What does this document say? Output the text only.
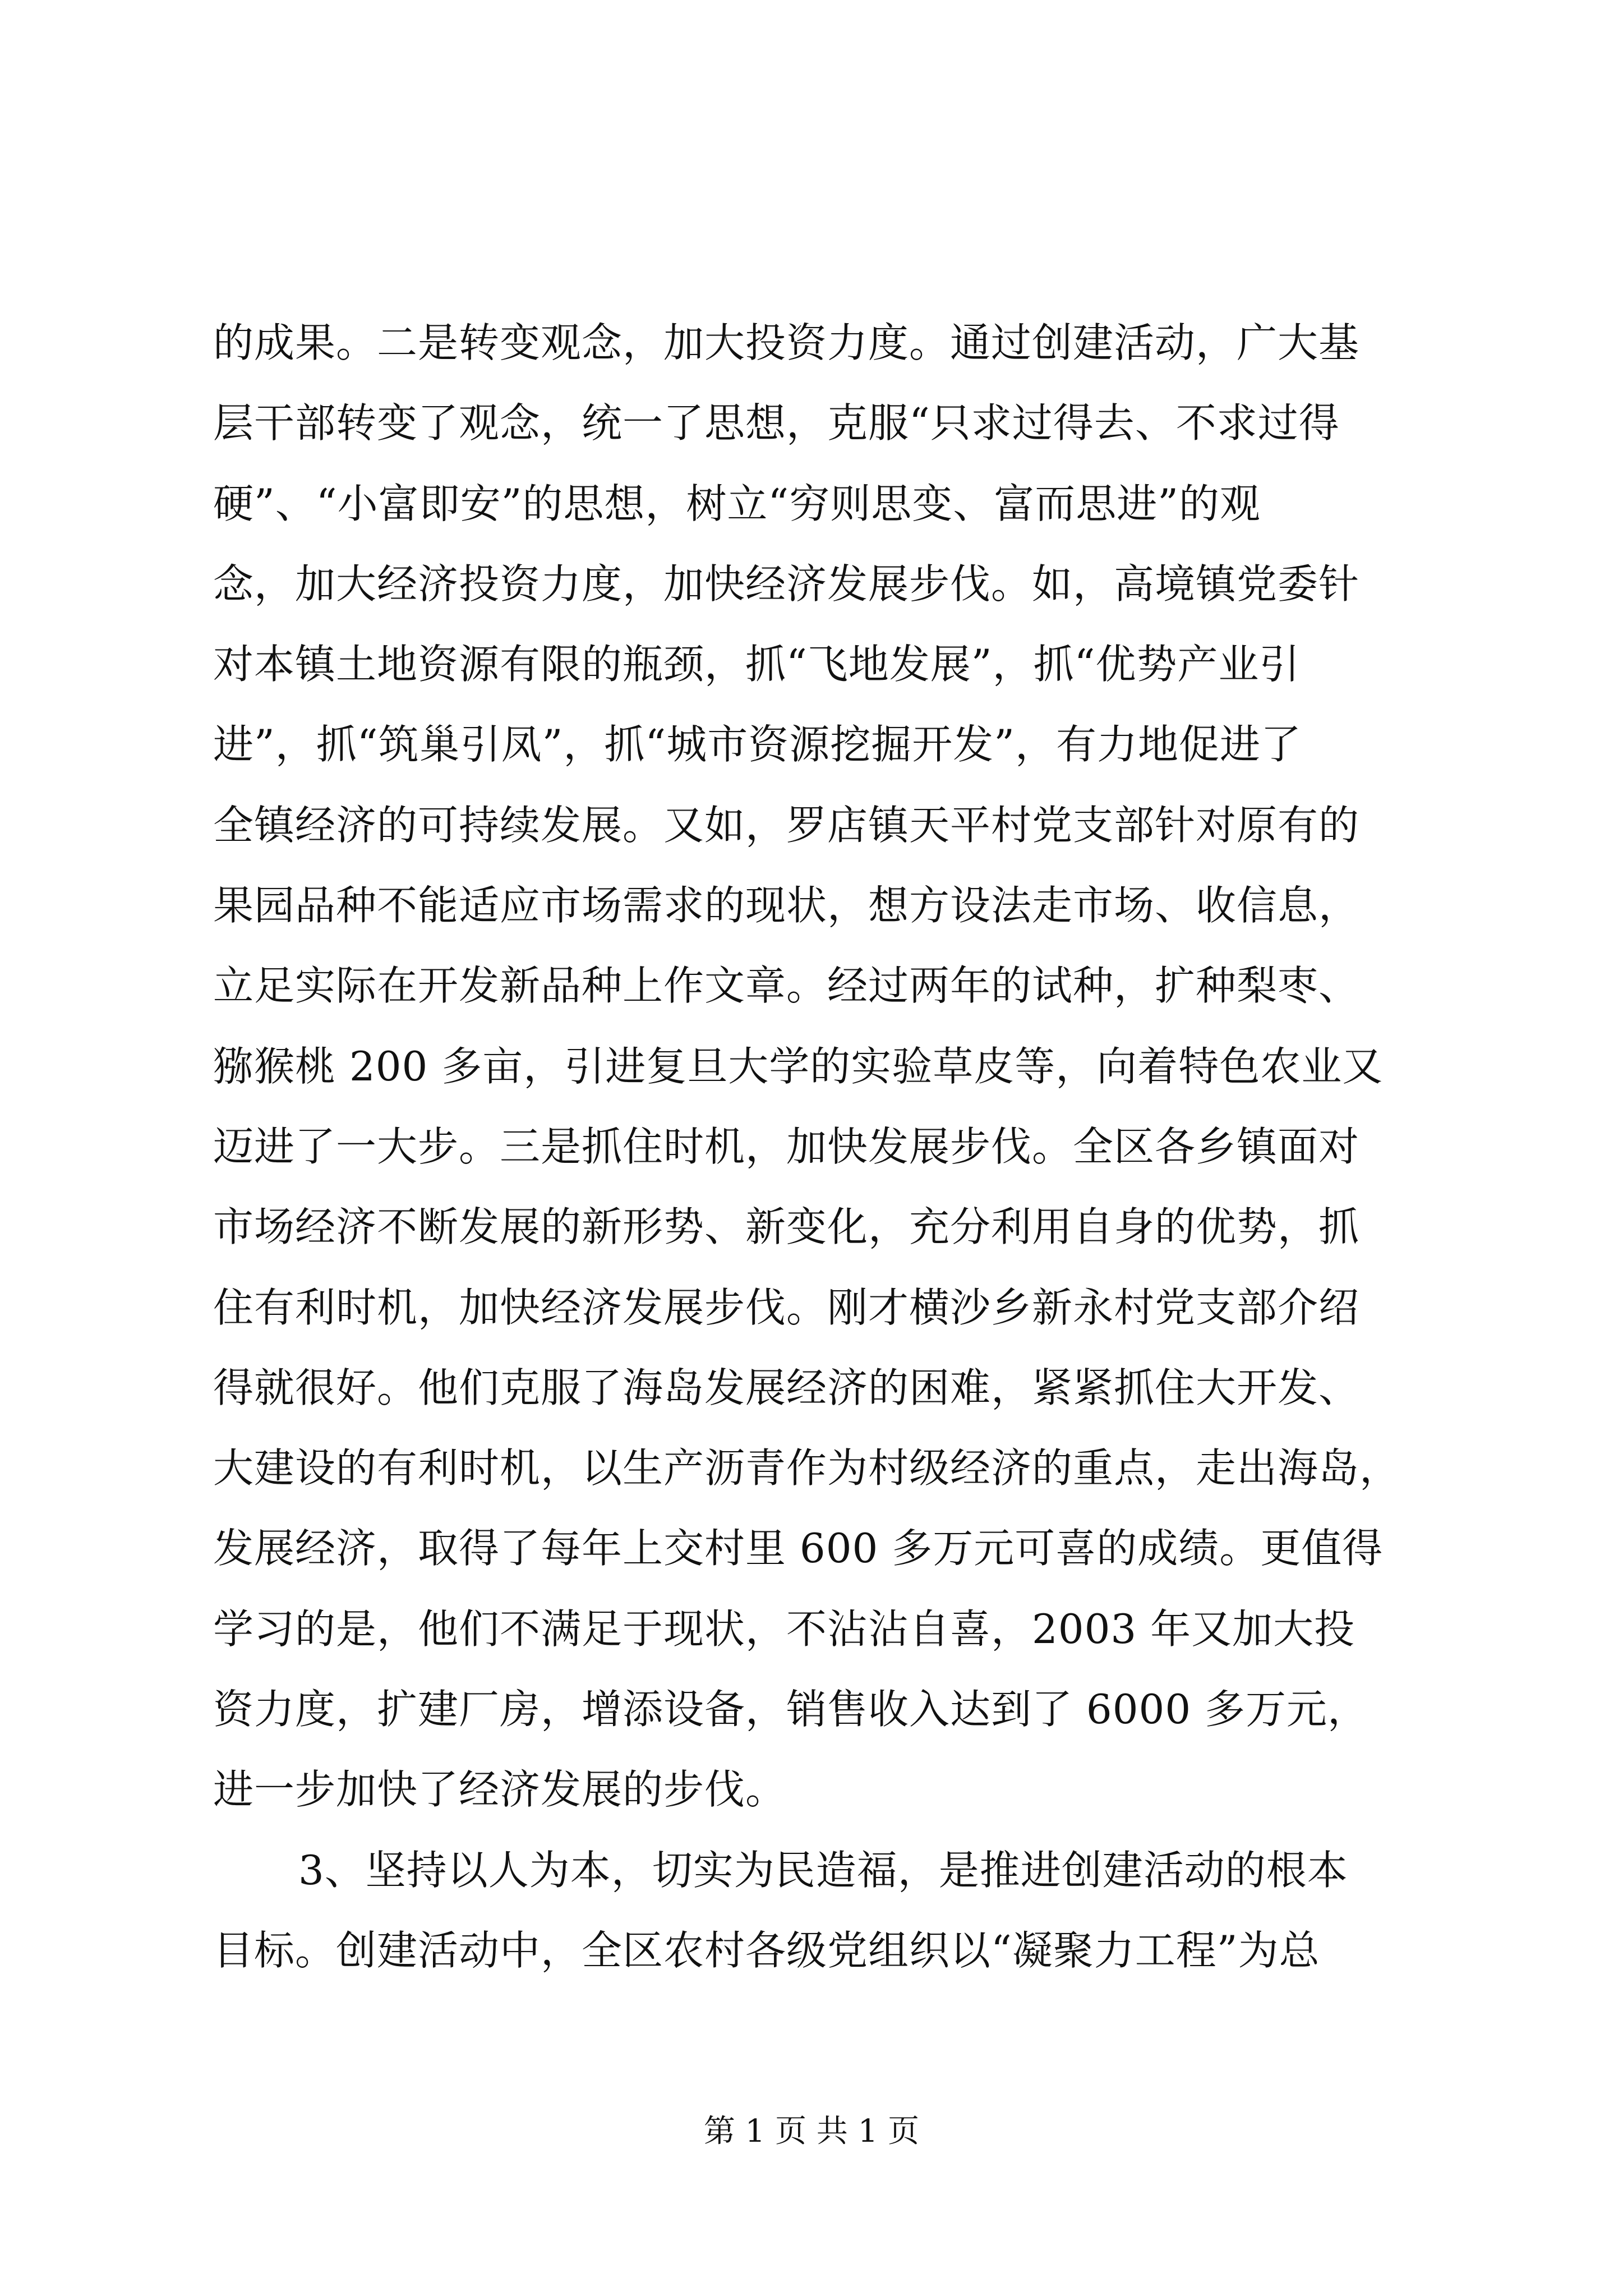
的成果。二是转变观念，加大投资力度。通过创建活动，广大基
层干部转变了观念，统一了思想，克服“只求过得去、不求过得
硬”、“小富即安”的思想，树立“穷则思变、富而思进”的观
念，加大经济投资力度，加快经济发展步伐。如，高境镇党委针
对本镇土地资源有限的瓶颈，抓“飞地发展”，抓“优势产业引
进”，抓“筑巢引凤”，抓“城市资源挖掘开发”，有力地促进了
全镇经济的可持续发展。又如，罗店镇天平村党支部针对原有的
果园品种不能适应市场需求的现状，想方设法走市场、收信息，
立足实际在开发新品种上作文章。经过两年的试种，扩种梨枣、
猕猴桃 200 多亩，引进复旦大学的实验草皮等，向着特色农业又
迈进了一大步。三是抓住时机，加快发展步伐。全区各乡镇面对
市场经济不断发展的新形势、新变化，充分利用自身的优势，抓
住有利时机，加快经济发展步伐。刚才横沙乡新永村党支部介绍
得就很好。他们克服了海岛发展经济的困难，紧紧抓住大开发、
大建设的有利时机，以生产沥青作为村级经济的重点，走出海岛，
发展经济，取得了每年上交村里 600 多万元可喜的成绩。更值得
学习的是，他们不满足于现状，不沾沾自喜，2003 年又加大投
资力度，扩建厂房，增添设备，销售收入达到了 6000 多万元，
进一步加快了经济发展的步伐。
3、坚持以人为本，切实为民造福，是推进创建活动的根本
目标。创建活动中，全区农村各级党组织以“凝聚力工程”为总
第 1 页 共 1 页
